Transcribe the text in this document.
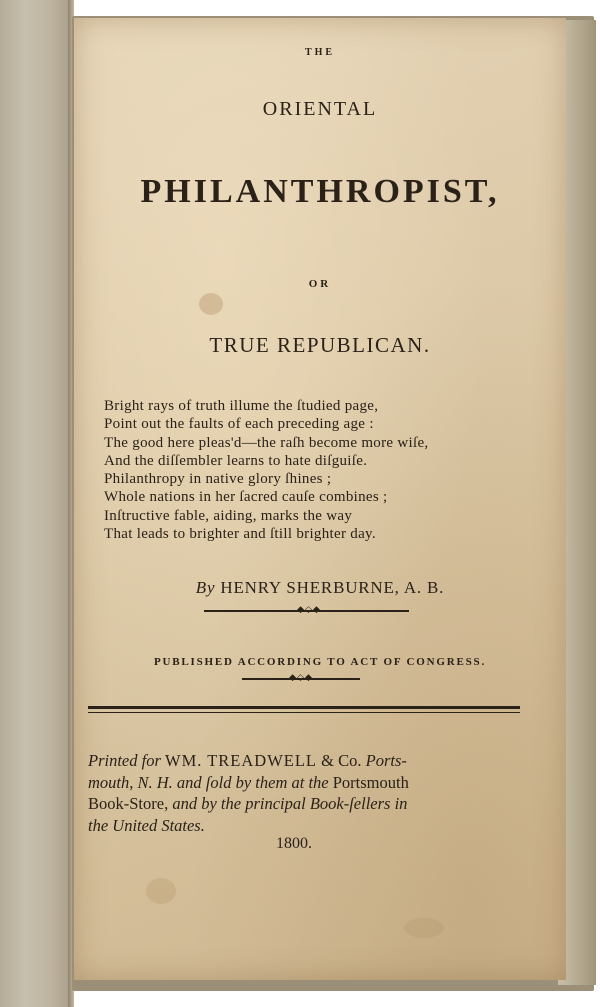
THE
ORIENTAL
PHILANTHROPIST,
OR
TRUE REPUBLICAN.
Bright rays of truth illume the ſtudied page,
Point out the faults of each preceding age :
The good here pleas'd—the raſh become more wiſe,
And the diſſembler learns to hate diſguiſe.
Philanthropy in native glory ſhines ;
Whole nations in her ſacred cauſe combines ;
Inſtructive fable, aiding, marks the way
That leads to brighter and ſtill brighter day.
By HENRY SHERBURNE, A. B.
◆◇◆
PUBLISHED ACCORDING TO ACT OF CONGRESS.
◆◇◆
Printed for WM. TREADWELL & Co. Ports-
mouth, N. H. and ſold by them at the Portsmouth
Book-Store, and by the principal Book-ſellers in
the United States.
1800.
